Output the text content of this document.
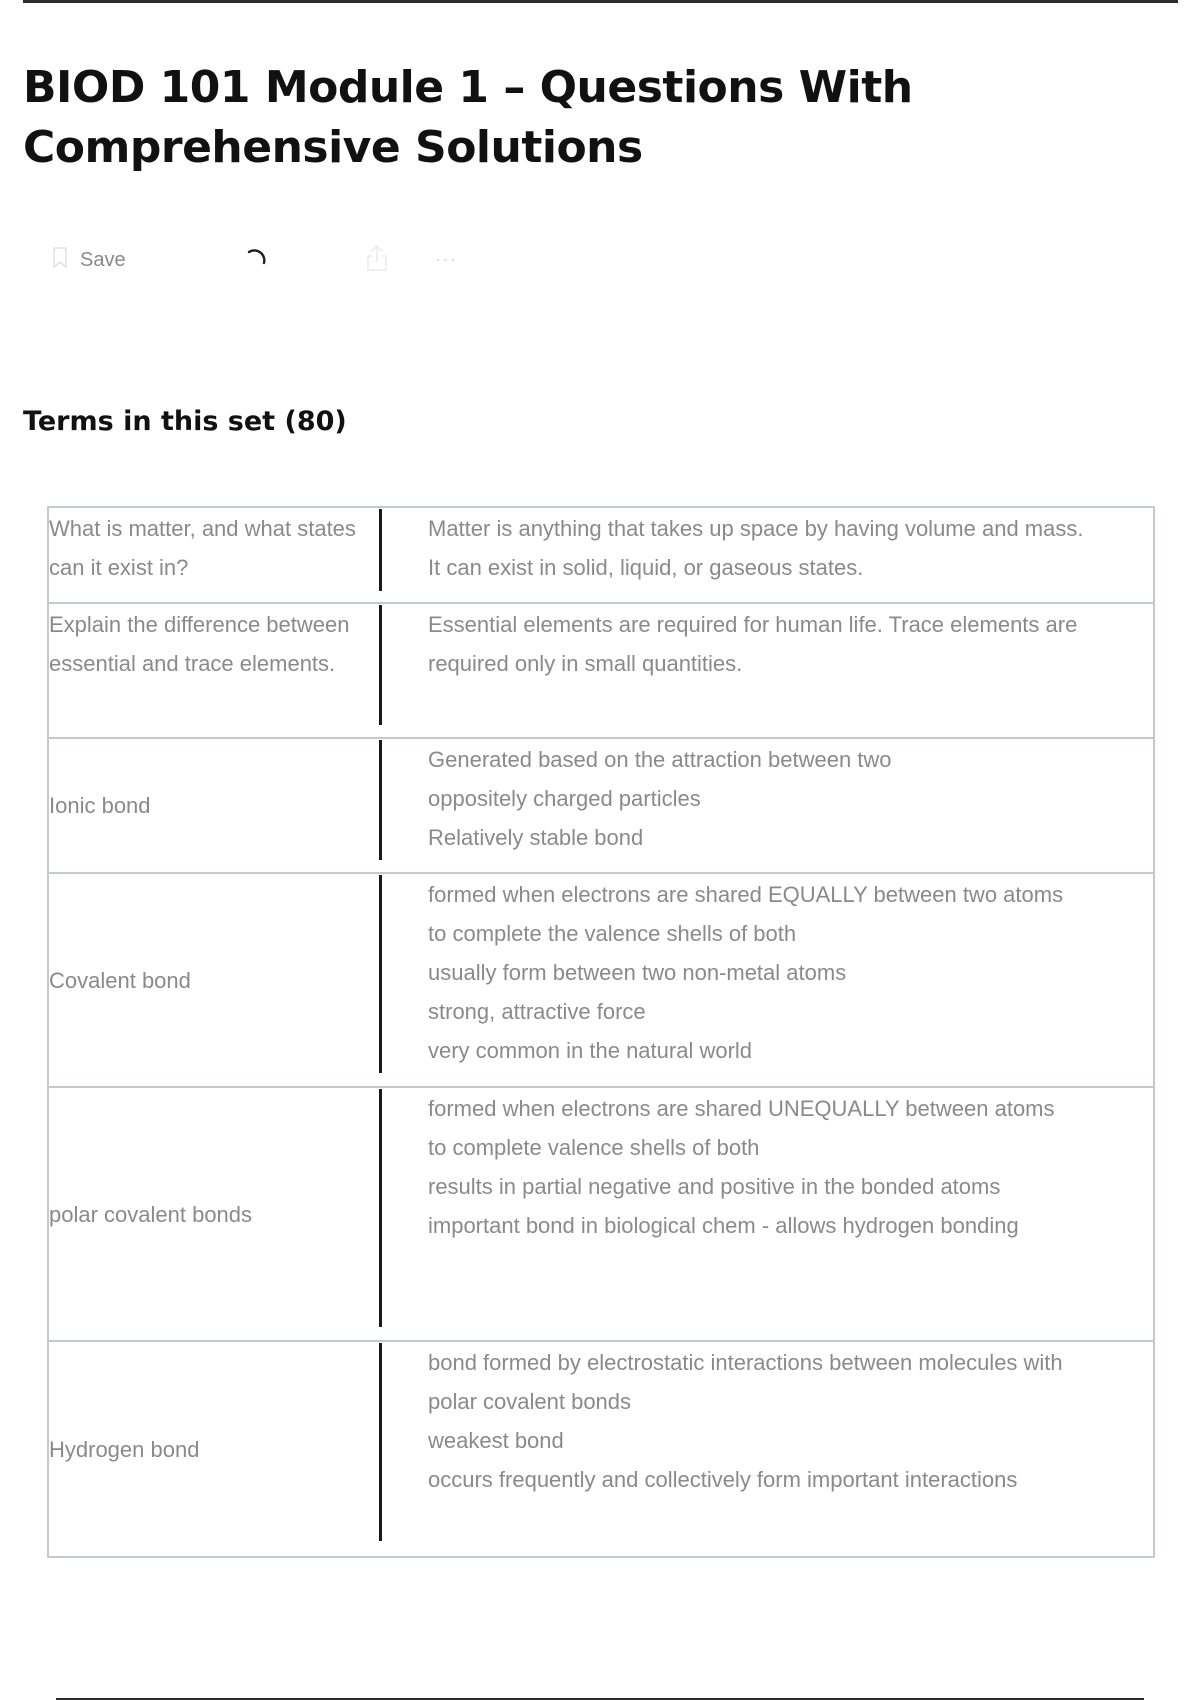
BIOD 101 Module 1 – Questions With Comprehensive Solutions
Save	···
Terms in this set (80)
What is matter, and what states can it exist in?
Matter is anything that takes up space by having volume and mass. It can exist in solid, liquid, or gaseous states.
Explain the difference between essential and trace elements.
Essential elements are required for human life. Trace elements are required only in small quantities.
Ionic bond
Generated based on the attraction between two oppositely charged particles
Relatively stable bond
Covalent bond
formed when electrons are shared EQUALLY between two atoms to complete the valence shells of both
usually form between two non-metal atoms
strong, attractive force
very common in the natural world
polar covalent bonds
formed when electrons are shared UNEQUALLY between atoms to complete valence shells of both
results in partial negative and positive in the bonded atoms
important bond in biological chem - allows hydrogen bonding
Hydrogen bond
bond formed by electrostatic interactions between molecules with polar covalent bonds
weakest bond
occurs frequently and collectively form important interactions
